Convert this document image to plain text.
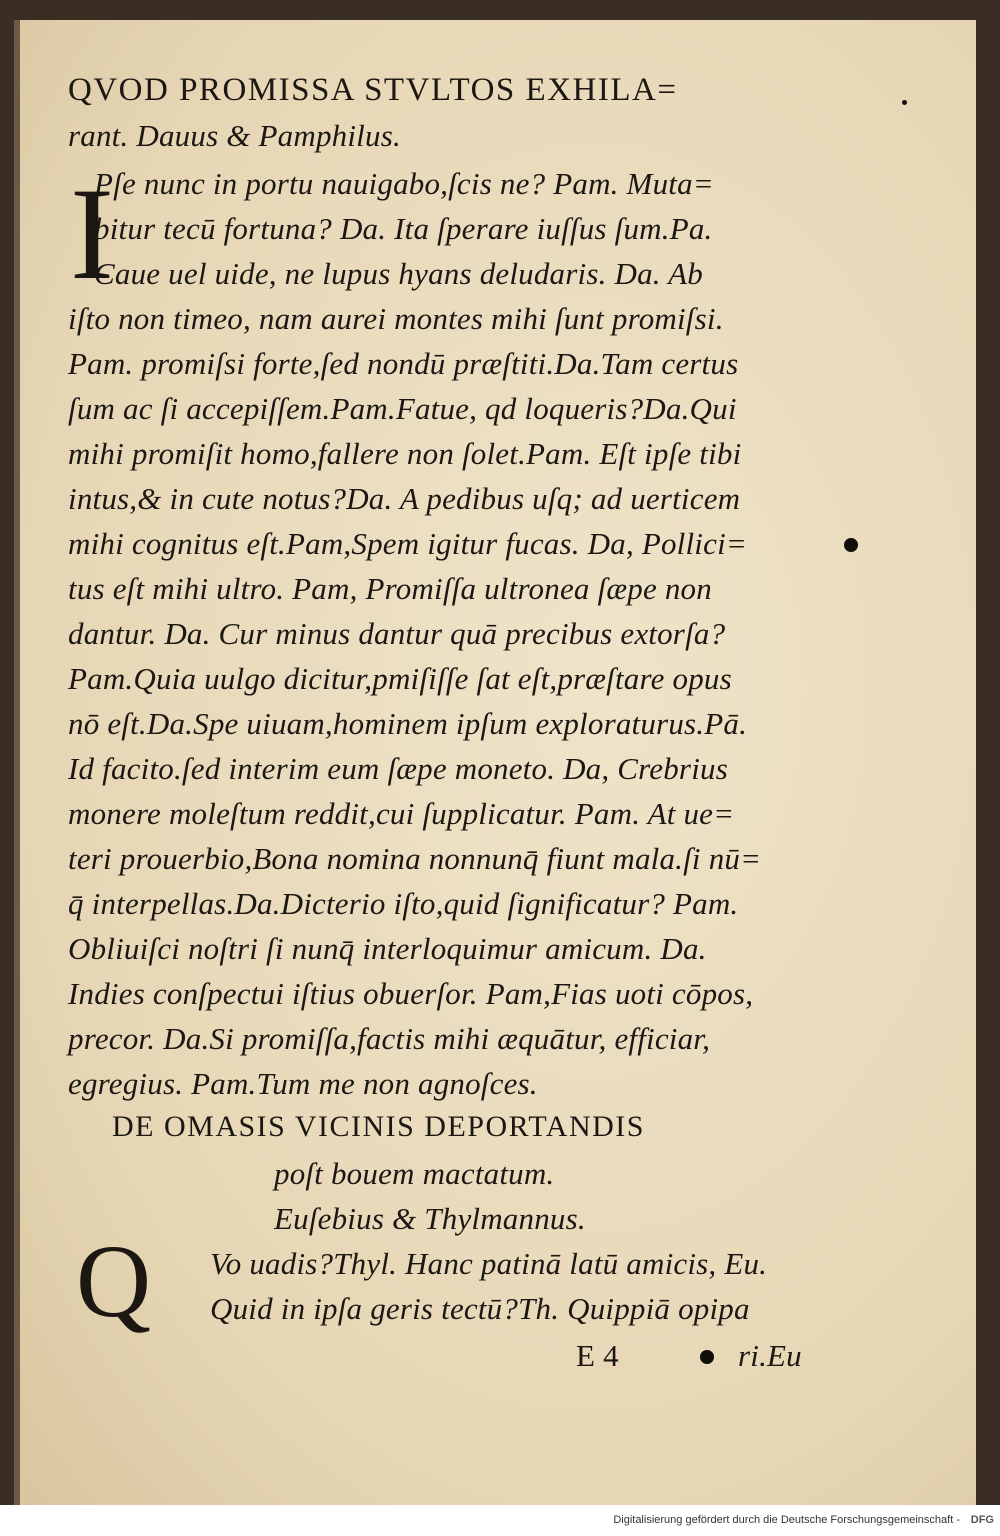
QVOD PROMISSA STVLTOS EXHILA=

rant. Dauus & Pamphilus.

I

Pſe nunc in portu nauigabo,ſcis ne? Pam. Muta=

bitur tecū fortuna? Da. Ita ſperare iuſſus ſum.Pa.

Caue uel uide, ne lupus hyans deludaris. Da. Ab

iſto non timeo, nam aurei montes mihi ſunt promiſsi.

Pam. promiſsi forte,ſed nondū præſtiti.Da.Tam certus

ſum ac ſi accepiſſem.Pam.Fatue, qd loqueris?Da.Qui

mihi promiſit homo,fallere non ſolet.Pam. Eſt ipſe tibi

intus,& in cute notus?Da. A pedibus uſq; ad uerticem

mihi cognitus eſt.Pam,Spem igitur fucas. Da, Pollici=

tus eſt mihi ultro. Pam, Promiſſa ultronea ſæpe non

dantur. Da. Cur minus dantur quā precibus extorſa?

Pam.Quia uulgo dicitur,pmiſiſſe ſat eſt,præſtare opus

nō eſt.Da.Spe uiuam,hominem ipſum exploraturus.Pā.

Id facito.ſed interim eum ſæpe moneto. Da, Crebrius

monere moleſtum reddit,cui ſupplicatur. Pam. At ue=

teri prouerbio,Bona nomina nonnunq̄ fiunt mala.ſi nū=

q̄ interpellas.Da.Dicterio iſto,quid ſignificatur? Pam.

Obliuiſci noſtri ſi nunq̄ interloquimur amicum. Da.

Indies conſpectui iſtius obuerſor. Pam,Fias uoti cōpos,

precor. Da.Si promiſſa,factis mihi æquātur, efficiar,

egregius. Pam.Tum me non agnoſces.

DE OMASIS VICINIS DEPORTANDIS

poſt bouem mactatum.

Euſebius & Thylmannus.

Q Vo uadis?Thyl. Hanc patinā latū amicis, Eu.

Quid in ipſa geris tectū?Th. Quippiā opipa

E 4	ri.Eu

Digitalisierung gefördert durch die Deutsche Forschungsgemeinschaft - DFG
